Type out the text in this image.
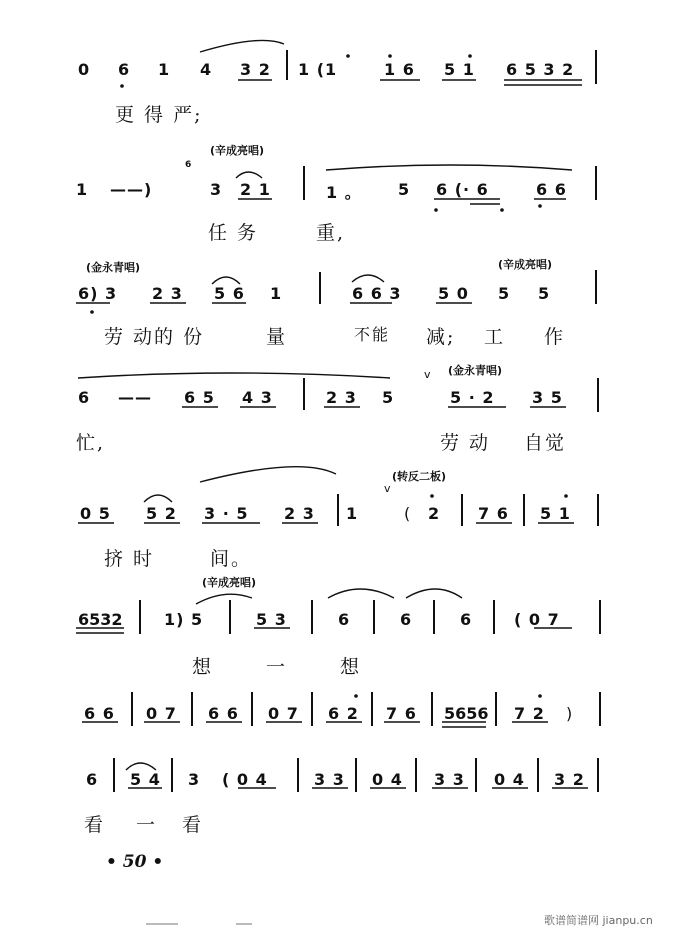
0 6 1 4 3 2 1 (1	1 6 5 1 6 5 3 2
更 得 严;
(辛成亮唱)
1 ——)
6
3 2 1	1 。 5 6 (· 6	6 6
任 务	重,
(金永青唱)	(辛成亮唱)
6) 3 2 3 5 6 1	6 6 3 5 0 5 5
劳 动的 份	量	不能 减; 工 作
(金永青唱)
v
6 —— 6 5 4 3	2 3 5	5 · 2 3 5
忙,	劳 动 自觉
(转反二板)
v
0 5 5 2 3 · 5 2 3 1	( 2 7 6 5 1
挤 时	间。
(辛成亮唱)
6532	1) 5	5 3	6	6	6	( 0 7
想	一	想
6 6 0 7 6 6 0 7 6 2 7 6 5656 7 2 )
6 5 4 3 ( 0 4	3 3 0 4 3 3 0 4 3 2
看 一 看
• 50 •
歌谱简谱网 jianpu.cn
